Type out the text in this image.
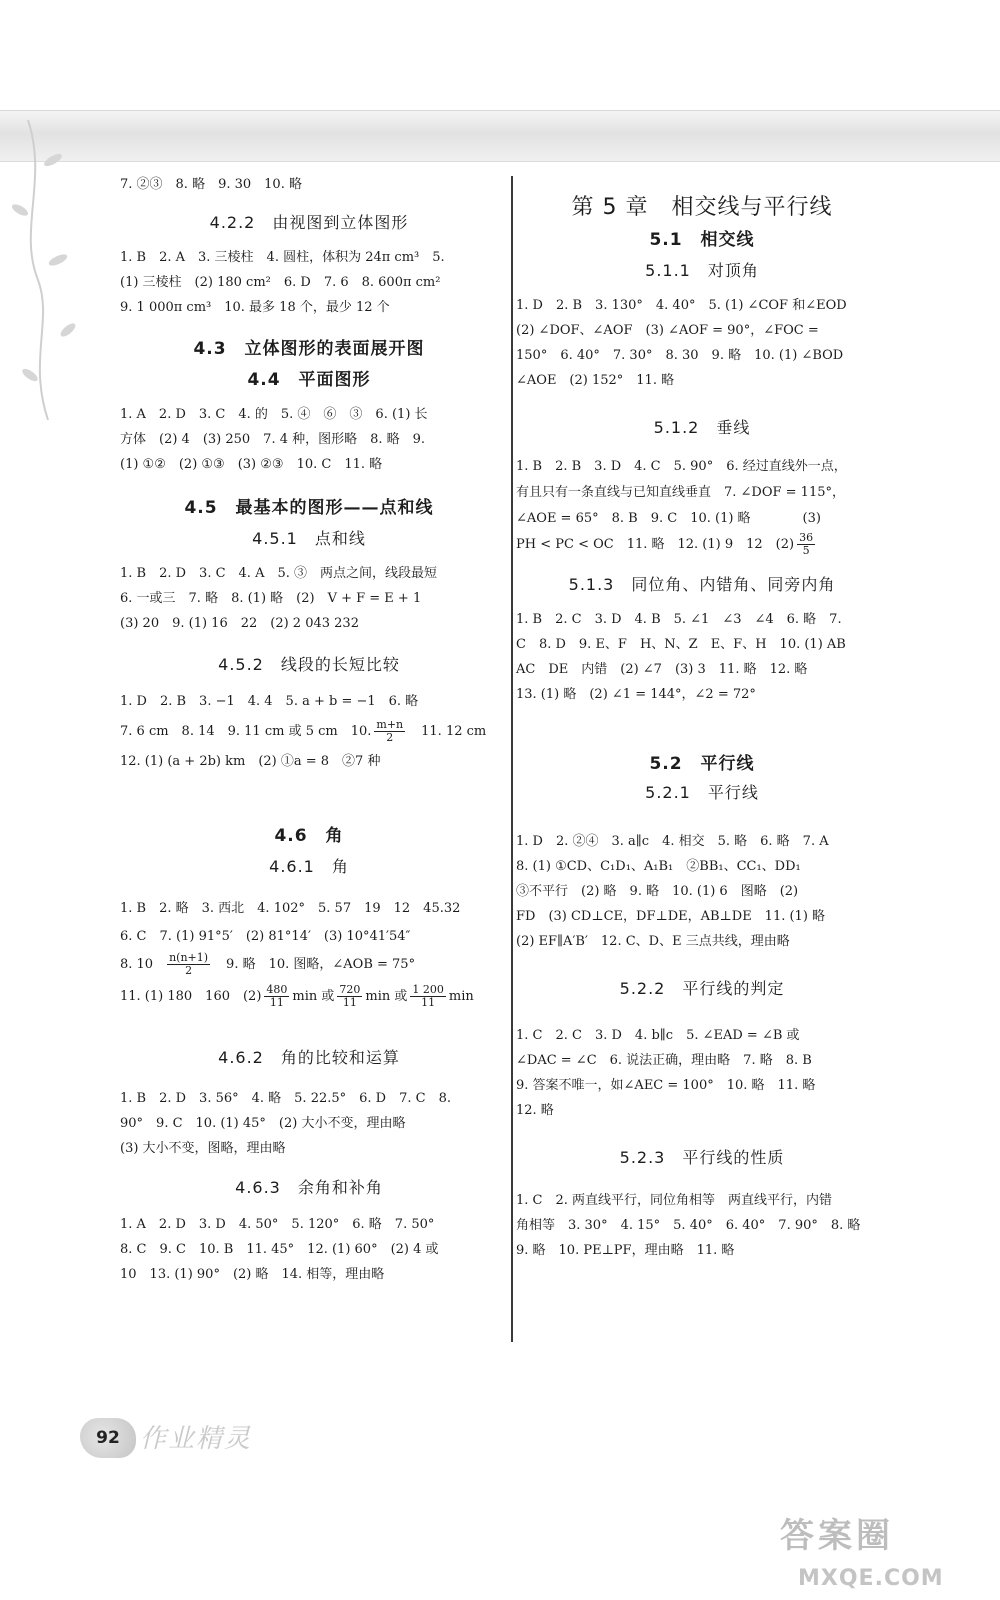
7. ②③　8. 略　9. 30　10. 略

4.2.2　由视图到立体图形

1. B　2. A　3. 三棱柱　4. 圆柱，体积为 24π cm³　5.

(1) 三棱柱　(2) 180 cm²　6. D　7. 6　8. 600π cm²

9. 1 000π cm³　10. 最多 18 个，最少 12 个

4.3　立体图形的表面展开图

4.4　平面图形

1. A　2. D　3. C　4. 的　5. ④　⑥　③　6. (1) 长

方体　(2) 4　(3) 250　7. 4 种，图形略　8. 略　9.

(1) ①②　(2) ①③　(3) ②③　10. C　11. 略

4.5　最基本的图形——点和线

4.5.1　点和线

1. B　2. D　3. C　4. A　5. ③　两点之间，线段最短

6. 一或三　7. 略　8. (1) 略　(2)　V + F = E + 1

(3) 20　9. (1) 16　22　(2) 2 043 232

4.5.2　线段的长短比较

1. D　2. B　3. −1　4. 4　5. a + b = −1　6. 略

7. 6 cm　8. 14　9. 11 cm 或 5 cm　10. $\frac{m+n}{2}$ 　11. 12 cm

12. (1) (a + 2b) km　(2) ①a = 8　②7 种

4.6　角

4.6.1　角

1. B　2. 略　3. 西北　4. 102°　5. 57　19　12　45.32

6. C　7. (1) 91°5′　(2) 81°14′　(3) 10°41′54″

8. $10 \frac{n(n+1)}{2}$ 　9. 略　10. 图略，∠AOB = 75°

11. (1) 180　160　$(2) \frac{480}{11}$ min 或 $\frac{720}{11}$ min 或 $\frac{1 200}{11}$ min

4.6.2　角的比较和运算

1. B　2. D　3. 56°　4. 略　5. 22.5°　6. D　7. C　8.

90°　9. C　10. (1) 45°　(2) 大小不变，理由略

(3) 大小不变，图略，理由略

4.6.3　余角和补角

1. A　2. D　3. D　4. 50°　5. 120°　6. 略　7. 50°

8. C　9. C　10. B　11. 45°　12. (1) 60°　(2) 4 或

10　13. (1) 90°　(2) 略　14. 相等，理由略

第 5 章　相交线与平行线

5.1　相交线

5.1.1　对顶角

1. D　2. B　3. 130°　4. 40°　5. (1) ∠COF 和∠EOD

(2) ∠DOF、∠AOF　(3) ∠AOF = 90°，∠FOC =

150°　6. 40°　7. 30°　8. 30　9. 略　10. (1) ∠BOD

∠AOE　(2) 152°　11. 略

5.1.2　垂线

1. B　2. B　3. D　4. C　5. 90°　6. 经过直线外一点，

有且只有一条直线与已知直线垂直　7. ∠DOF = 115°，

∠AOE = 65°　8. B　9. C　10. (1) 略　　　　(3)

PH < PC < OC　11. 略　12. (1) 9　12　$(2) \frac{36}{5}$

5.1.3　同位角、内错角、同旁内角

1. B　2. C　3. D　4. B　5. ∠1　∠3　∠4　6. 略　7.

C　8. D　9. E、F　H、N、Z　E、F、H　10. (1) AB

AC　DE　内错　(2) ∠7　(3) 3　11. 略　12. 略

13. (1) 略　(2) ∠1 = 144°，∠2 = 72°

5.2　平行线

5.2.1　平行线

1. D　2. ②④　3. a∥c　4. 相交　5. 略　6. 略　7. A

8. (1) ①CD、C₁D₁、A₁B₁　②BB₁、CC₁、DD₁

③不平行　(2) 略　9. 略　10. (1) 6　图略　(2)

FD　(3) CD⊥CE，DF⊥DE，AB⊥DE　11. (1) 略

(2) EF∥A′B′　12. C、D、E 三点共线，理由略

5.2.2　平行线的判定

1. C　2. C　3. D　4. b∥c　5. ∠EAD = ∠B 或

∠DAC = ∠C　6. 说法正确，理由略　7. 略　8. B

9. 答案不唯一，如∠AEC = 100°　10. 略　11. 略

12. 略

5.2.3　平行线的性质

1. C　2. 两直线平行，同位角相等　两直线平行，内错

角相等　3. 30°　4. 15°　5. 40°　6. 40°　7. 90°　8. 略

9. 略　10. PE⊥PF，理由略　11. 略

92 作业精灵
答案圈
MXQE.COM
